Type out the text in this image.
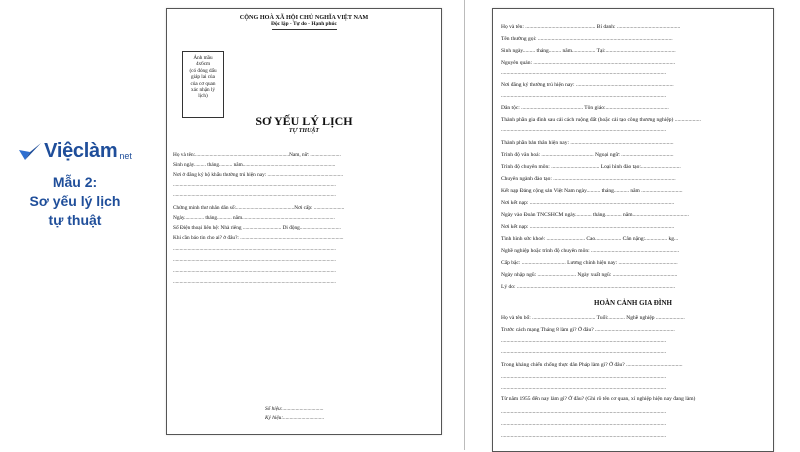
Việclàm net
Mẫu 2:
Sơ yếu lý lịch
tự thuật
CỘNG HOÀ XÃ HỘI CHỦ NGHĨA VIỆT NAM
Độc lập - Tự do - Hạnh phúc
Ảnh mầu
4x6cm
(có đóng dấu
giáp lai của
của cơ quan
xác nhận lý
lịch)
SƠ YẾU LÝ LỊCH
TỰ THUẬT
Họ và tên:.......................................................................Nam, nữ: .......................
Sinh ngày......... tháng.......... năm......................................................................
Nơi ở đăng ký hộ khẩu thường trú hiện nay: .........................................................
...........................................................................................................................
...........................................................................................................................
Chứng minh thư nhân dân số:............................................Nơi cấp: .......................
Ngày............... tháng........... năm......................................................................
Số Điện thoại liên hệ: Nhà riêng ............................. Di động...............................
Khi cần báo tin cho ai? ở đâu?: ..............................................................................
...........................................................................................................................
...........................................................................................................................
...........................................................................................................................
...........................................................................................................................
Số hiệu:...............................
Ký hiệu:...............................
Họ và tên: ................................................... Bí danh: ..............................................
Tên thường gọi: ..................................................................................................
Sinh ngày......... tháng......... năm................. Tại:...................................................
Nguyên quán: .......................................................................................................
........................................................................................................................
Nơi đăng ký thường trú hiện nay: .......................................................................
........................................................................................................................
Dân tộc: ............................................. Tôn giáo:..............................................
Thành phần gia đình sau cải cách ruộng đất (hoặc cải tạo công thương nghiệp) ...................
........................................................................................................................
Thành phần bản thân hiện nay: ...........................................................................
Trình độ văn hoá: ...................................... Ngoại ngữ: ......................................
Trình độ chuyên môn: ................................... Loại hình đào tạo:.............................
Chuyên ngành đào tạo: .........................................................................................
Kết nạp Đảng cộng sản Việt Nam ngày.......... tháng........... năm ..............................
Nơi kết nạp: .........................................................................................................
Ngày vào Đoàn TNCSHCM ngày............ tháng............ năm.........................................
Nơi kết nạp: .........................................................................................................
Tình hình sức khoẻ: ............................ Cao................... Cân nặng:................ kg...
Nghề nghiệp hoặc trình độ chuyên môn: ................................................................
Cấp bậc: ................................ Lương chính hiện nay: ...........................................
Ngày nhập ngũ: ............................ Ngày xuất ngũ: ...............................................
Lý do: ...................................................................................................................
HOÀN CẢNH GIA ĐÌNH
Họ và tên bố: .............................................. Tuổi:............ Nghề nghiệp .....................
Trước cách mạng Tháng 8 làm gì? Ở đâu? ..........................................................
........................................................................................................................
........................................................................................................................
Trong kháng chiến chống thực dân Pháp làm gì? Ở đâu? .........................................
........................................................................................................................
........................................................................................................................
Từ năm 1955 đến nay làm gì? Ở đâu? (Ghi rõ tên cơ quan, xí nghiệp hiện nay đang làm)
........................................................................................................................
........................................................................................................................
........................................................................................................................
